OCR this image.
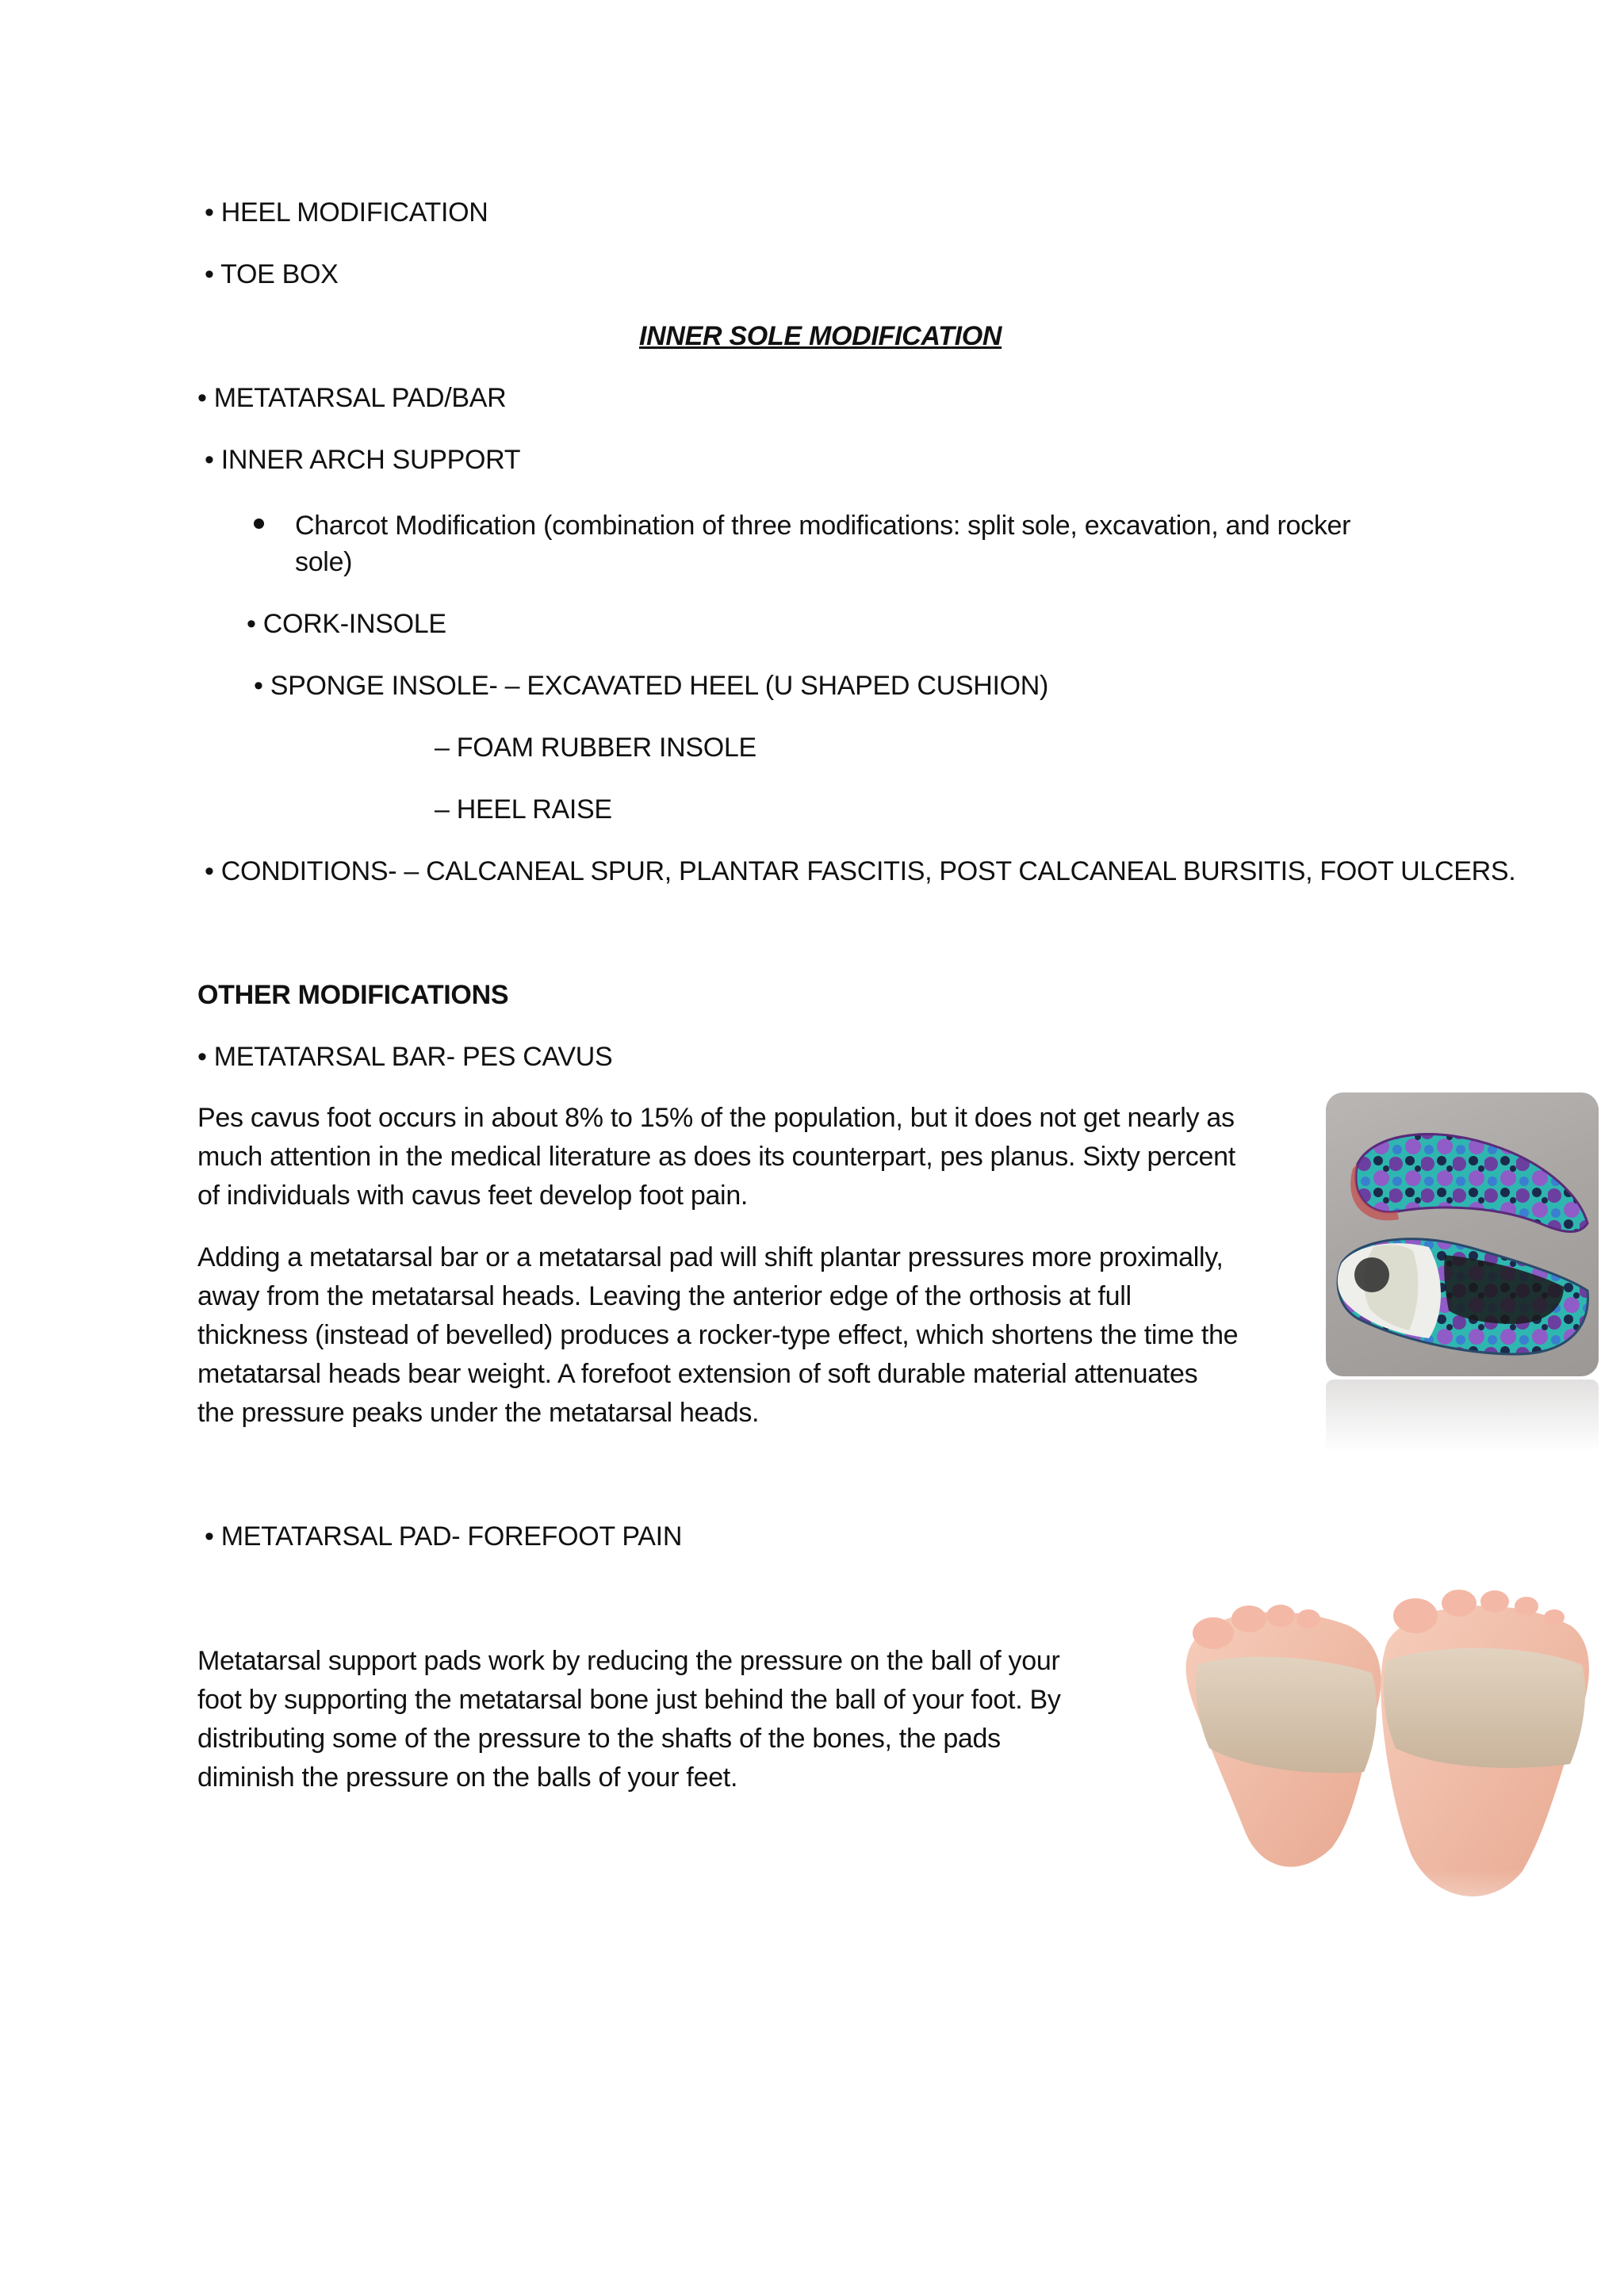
• HEEL MODIFICATION
• TOE BOX
INNER SOLE MODIFICATION
• METATARSAL PAD/BAR
• INNER ARCH SUPPORT
Charcot Modification (combination of three modifications: split sole, excavation, and rocker
sole)
• CORK-INSOLE
• SPONGE INSOLE- – EXCAVATED HEEL (U SHAPED CUSHION)
– FOAM RUBBER INSOLE
– HEEL RAISE
• CONDITIONS- – CALCANEAL SPUR, PLANTAR FASCITIS, POST CALCANEAL BURSITIS, FOOT ULCERS.
OTHER MODIFICATIONS
• METATARSAL BAR- PES CAVUS
Pes cavus foot occurs in about 8% to 15% of the population, but it does not get nearly as
much attention in the medical literature as does its counterpart, pes planus. Sixty percent
of individuals with cavus feet develop foot pain.
Adding a metatarsal bar or a metatarsal pad will shift plantar pressures more proximally,
away from the metatarsal heads. Leaving the anterior edge of the orthosis at full
thickness (instead of bevelled) produces a rocker-type effect, which shortens the time the
metatarsal heads bear weight. A forefoot extension of soft durable material attenuates
the pressure peaks under the metatarsal heads.
• METATARSAL PAD- FOREFOOT PAIN
Metatarsal support pads work by reducing the pressure on the ball of your
foot by supporting the metatarsal bone just behind the ball of your foot. By
distributing some of the pressure to the shafts of the bones, the pads
diminish the pressure on the balls of your feet.
